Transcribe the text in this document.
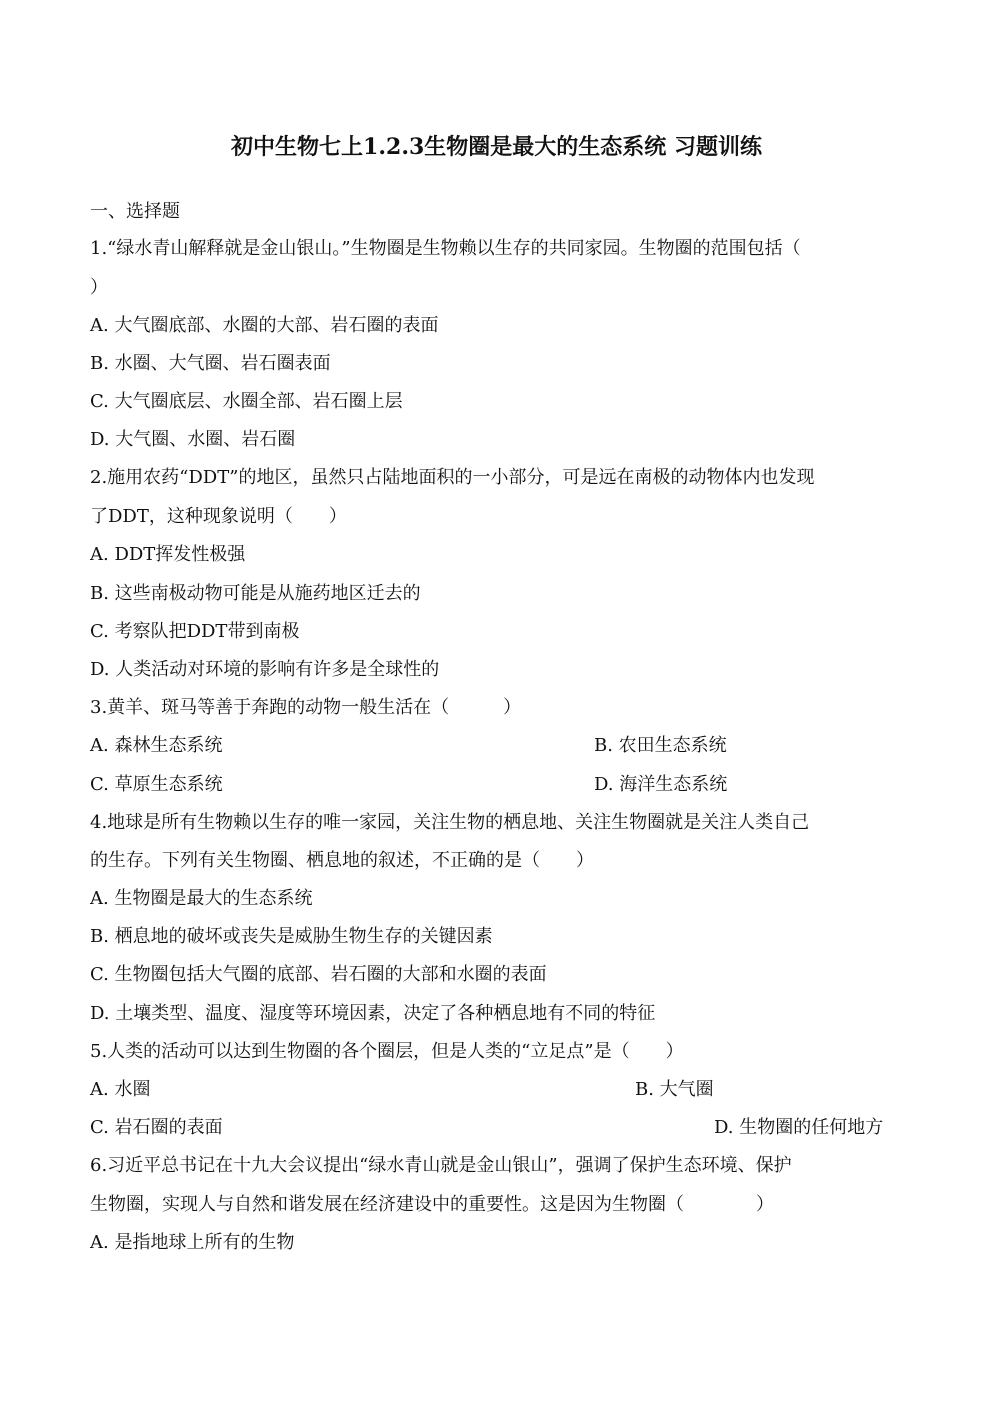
初中生物七上1.2.3生物圈是最大的生态系统 习题训练
一、选择题
1.“绿水青山解释就是金山银山。”生物圈是生物赖以生存的共同家园。生物圈的范围包括（
）
A. 大气圈底部、水圈的大部、岩石圈的表面
B. 水圈、大气圈、岩石圈表面
C. 大气圈底层、水圈全部、岩石圈上层
D. 大气圈、水圈、岩石圈
2.施用农药“DDT”的地区，虽然只占陆地面积的一小部分，可是远在南极的动物体内也发现
了DDT，这种现象说明（　　）
A. DDT挥发性极强
B. 这些南极动物可能是从施药地区迁去的
C. 考察队把DDT带到南极
D. 人类活动对环境的影响有许多是全球性的
3.黄羊、斑马等善于奔跑的动物一般生活在（　　　）
A. 森林生态系统	B. 农田生态系统
C. 草原生态系统	D. 海洋生态系统
4.地球是所有生物赖以生存的唯一家园，关注生物的栖息地、关注生物圈就是关注人类自己
的生存。下列有关生物圈、栖息地的叙述，不正确的是（　　）
A. 生物圈是最大的生态系统
B. 栖息地的破坏或丧失是威胁生物生存的关键因素
C. 生物圈包括大气圈的底部、岩石圈的大部和水圈的表面
D. 土壤类型、温度、湿度等环境因素，决定了各种栖息地有不同的特征
5.人类的活动可以达到生物圈的各个圈层，但是人类的“立足点”是（　　）
A. 水圈	B. 大气圈
C. 岩石圈的表面	D. 生物圈的任何地方
6.习近平总书记在十九大会议提出“绿水青山就是金山银山”，强调了保护生态环境、保护
生物圈，实现人与自然和谐发展在经济建设中的重要性。这是因为生物圈（　　　　）
A. 是指地球上所有的生物
